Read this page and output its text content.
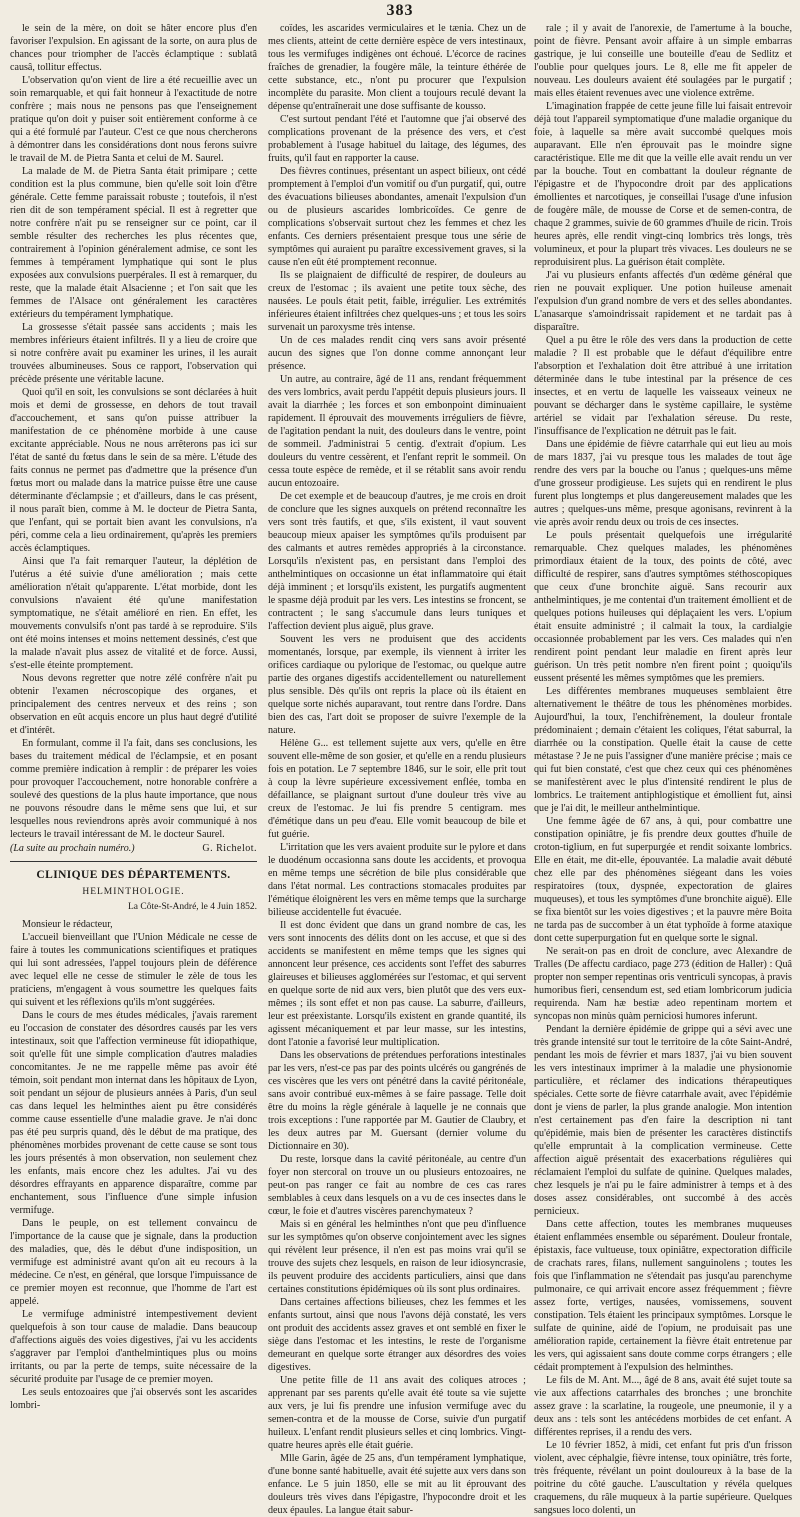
383

le sein de la mère, on doit se hâter encore plus d'en favoriser l'expulsion. En agissant de la sorte, on aura plus de chances pour triompher de l'accès éclamptique : sublatâ causâ, tollitur effectus.

L'observation qu'on vient de lire a été recueillie avec un soin remarquable, et qui fait honneur à l'exactitude de notre confrère ; mais nous ne pensons pas que l'enseignement pratique qu'on doit y puiser soit entièrement conforme à ce qui a été formulé par l'auteur. C'est ce que nous chercherons à démontrer dans les considérations dont nous ferons suivre le travail de M. de Pietra Santa et celui de M. Saurel.

La malade de M. de Pietra Santa était primipare ; cette condition est la plus commune, bien qu'elle soit loin d'être générale. Cette femme paraissait robuste ; toutefois, il n'est rien dit de son tempérament spécial. Il est à regretter que notre confrère n'ait pu se renseigner sur ce point, car il semble résulter des recherches les plus récentes que, contrairement à l'opinion généralement admise, ce sont les femmes à tempérament lymphatique qui sont le plus exposées aux convulsions puerpérales. Il est à remarquer, du reste, que la malade était Alsacienne ; et l'on sait que les femmes de l'Alsace ont généralement les caractères extérieurs du tempérament lymphatique.

La grossesse s'était passée sans accidents ; mais les membres inférieurs étaient infiltrés. Il y a lieu de croire que si notre confrère avait pu examiner les urines, il les aurait trouvées albumineuses. Sous ce rapport, l'observation qui précède présente une véritable lacune.

Quoi qu'il en soit, les convulsions se sont déclarées à huit mois et demi de grossesse, en dehors de tout travail d'accouchement, et sans qu'on puisse attribuer la manifestation de ce phénomène morbide à une cause excitante appréciable. Nous ne nous arrêterons pas ici sur l'état de santé du fœtus dans le sein de sa mère. L'étude des faits connus ne permet pas d'admettre que la présence d'un fœtus mort ou malade dans la matrice puisse être une cause déterminante d'éclampsie ; et d'ailleurs, dans le cas présent, il nous paraît bien, comme à M. le docteur de Pietra Santa, que l'enfant, qui se portait bien avant les convulsions, n'a péri, comme cela a lieu ordinairement, qu'après les premiers accès éclamptiques.

Ainsi que l'a fait remarquer l'auteur, la déplétion de l'utérus a été suivie d'une amélioration ; mais cette amélioration n'était qu'apparente. L'état morbide, dont les convulsions n'avaient été qu'une manifestation symptomatique, ne s'était amélioré en rien. En effet, les mouvements convulsifs n'ont pas tardé à se reproduire. S'ils ont été moins intenses et moins nettement dessinés, c'est que la malade n'avait plus assez de vitalité et de force. Aussi, s'est-elle éteinte promptement.

Nous devons regretter que notre zélé confrère n'ait pu obtenir l'examen nécroscopique des organes, et principalement des centres nerveux et des reins ; son observation en eût acquis encore un plus haut degré d'utilité et d'intérêt.

En formulant, comme il l'a fait, dans ses conclusions, les bases du traitement médical de l'éclampsie, et en posant comme première indication à remplir : de préparer les voies pour provoquer l'accouchement, notre honorable confrère a soulevé des questions de la plus haute importance, que nous ne pouvons résoudre dans le même sens que lui, et sur lesquelles nous reviendrons après avoir communiqué à nos lecteurs le travail intéressant de M. le docteur Saurel.

(La suite au prochain numéro.)	G. Richelot.
CLINIQUE DES DÉPARTEMENTS.
HELMINTHOLOGIE.
La Côte-St-André, le 4 Juin 1852.

Monsieur le rédacteur,

L'accueil bienveillant que l'Union Médicale ne cesse de faire à toutes les communications scientifiques et pratiques qui lui sont adressées, l'appel toujours plein de déférence avec lequel elle ne cesse de stimuler le zèle de tous les praticiens, m'engagent à vous soumettre les quelques faits qui suivent et les réflexions qu'ils m'ont suggérées.

Dans le cours de mes études médicales, j'avais rarement eu l'occasion de constater des désordres causés par les vers intestinaux, soit que l'affection vermineuse fût idiopathique, soit qu'elle fût une simple complication d'autres maladies concomitantes. Je ne me rappelle même pas avoir été témoin, soit pendant mon internat dans les hôpitaux de Lyon, soit pendant un séjour de plusieurs années à Paris, d'un seul cas dans lequel les helminthes aient pu être considérés comme cause essentielle d'une maladie grave. Je n'ai donc pas été peu surpris quand, dès le début de ma pratique, des phénomènes morbides provenant de cette cause se sont tous les jours présentés à mon observation, non seulement chez les enfants, mais encore chez les adultes. J'ai vu des désordres effrayants en apparence disparaître, comme par enchantement, sous l'influence d'une simple infusion vermifuge.

Dans le peuple, on est tellement convaincu de l'importance de la cause que je signale, dans la production des maladies, que, dès le début d'une indisposition, un vermifuge est administré avant qu'on ait eu recours à la médecine. Ce n'est, en général, que lorsque l'impuissance de ce premier moyen est reconnue, que l'homme de l'art est appelé.

Le vermifuge administré intempestivement devient quelquefois à son tour cause de maladie. Dans beaucoup d'affections aiguës des voies digestives, j'ai vu les accidents s'aggraver par l'emploi d'anthelmintiques plus ou moins irritants, ou par la perte de temps, suite nécessaire de la sécurité produite par l'usage de ce premier moyen.

Les seuls entozoaires que j'ai observés sont les ascarides lombri-

coïdes, les ascarides vermiculaires et le tænia. Chez un de mes clients, atteint de cette dernière espèce de vers intestinaux, tous les vermifuges indigènes ont échoué. L'écorce de racines fraîches de grenadier, la fougère mâle, la teinture éthérée de cette substance, etc., n'ont pu procurer que l'expulsion incomplète du parasite. Mon client a toujours reculé devant la dépense qu'entraînerait une dose suffisante de kousso.

C'est surtout pendant l'été et l'automne que j'ai observé des complications provenant de la présence des vers, et c'est probablement à l'usage habituel du laitage, des légumes, des fruits, qu'il faut en rapporter la cause.

Des fièvres continues, présentant un aspect bilieux, ont cédé promptement à l'emploi d'un vomitif ou d'un purgatif, qui, outre des évacuations bilieuses abondantes, amenait l'expulsion d'un ou de plusieurs ascarides lombricoïdes. Ce genre de complications s'observait surtout chez les femmes et chez les enfants. Ces derniers présentaient presque tous une série de symptômes qui auraient pu paraître excessivement graves, si la cause n'en eût été promptement reconnue.

Ils se plaignaient de difficulté de respirer, de douleurs au creux de l'estomac ; ils avaient une petite toux sèche, des nausées. Le pouls était petit, faible, irrégulier. Les extrémités inférieures étaient infiltrées chez quelques-uns ; et tous les soirs survenait un paroxysme très intense.

Un de ces malades rendit cinq vers sans avoir présenté aucun des signes que l'on donne comme annonçant leur présence.

Un autre, au contraire, âgé de 11 ans, rendant fréquemment des vers lombrics, avait perdu l'appétit depuis plusieurs jours. Il avait la diarrhée ; les forces et son embonpoint diminuaient rapidement. Il éprouvait des mouvements irréguliers de fièvre, de l'agitation pendant la nuit, des douleurs dans le ventre, point de sommeil. J'administrai 5 centig. d'extrait d'opium. Les douleurs du ventre cessèrent, et l'enfant reprit le sommeil. On cessa toute espèce de remède, et il se rétablit sans avoir rendu aucun entozoaire.

De cet exemple et de beaucoup d'autres, je me crois en droit de conclure que les signes auxquels on prétend reconnaître les vers sont très fautifs, et que, s'ils existent, il vaut souvent beaucoup mieux apaiser les symptômes qu'ils produisent par des calmants et autres remèdes appropriés à la circonstance. Lorsqu'ils n'existent pas, en persistant dans l'emploi des anthelmintiques on occasionne un état inflammatoire qui était déjà imminent ; et lorsqu'ils existent, les purgatifs augmentent le spasme déjà produit par les vers. Les intestins se froncent, se contractent ; le sang s'accumule dans leurs tuniques et l'affection devient plus aiguë, plus grave.

Souvent les vers ne produisent que des accidents momentanés, lorsque, par exemple, ils viennent à irriter les orifices cardiaque ou pylorique de l'estomac, ou quelque autre partie des organes digestifs accidentellement ou naturellement plus sensible. Dès qu'ils ont repris la place où ils étaient en quelque sorte nichés auparavant, tout rentre dans l'ordre. Dans bien des cas, l'art doit se proposer de suivre l'exemple de la nature.

Hélène G... est tellement sujette aux vers, qu'elle en être souvent elle-même de son gosier, et qu'elle en a rendu plusieurs fois en potation. Le 7 septembre 1846, sur le soir, elle prit tout à coup la lèvre supérieure excessivement enflée, tomba en défaillance, se plaignant surtout d'une douleur très vive au creux de l'estomac. Je lui fis prendre 5 centigram. mes d'émétique dans un peu d'eau. Elle vomit beaucoup de bile et fut guérie.

L'irritation que les vers avaient produite sur le pylore et dans le duodénum occasionna sans doute les accidents, et provoqua en même temps une sécrétion de bile plus considérable que dans l'état normal. Les contractions stomacales produites par l'émétique éloignèrent les vers en même temps que la surcharge bilieuse accidentelle fut évacuée.

Il est donc évident que dans un grand nombre de cas, les vers sont innocents des délits dont on les accuse, et que si des accidents se manifestent en même temps que les signes qui annoncent leur présence, ces accidents sont l'effet des saburres glaireuses et bilieuses agglomérées sur l'estomac, et qui servent en quelque sorte de nid aux vers, bien plutôt que des vers eux-mêmes ; ils sont effet et non pas cause. La saburre, d'ailleurs, leur est préexistante. Lorsqu'ils existent en grande quantité, ils agissent mécaniquement et par leur masse, sur les intestins, dont l'atonie a favorisé leur multiplication.

Dans les observations de prétendues perforations intestinales par les vers, n'est-ce pas par des points ulcérés ou gangrénés de ces viscères que les vers ont pénétré dans la cavité péritonéale, sans avoir contribué eux-mêmes à se faire passage. Telle doit être du moins la règle générale à laquelle je ne connais que trois exceptions : l'une rapportée par M. Gautier de Claubry, et les deux autres par M. Guersant (dernier volume du Dictionnaire en 30).

Du reste, lorsque dans la cavité péritonéale, au centre d'un foyer non stercoral on trouve un ou plusieurs entozoaires, ne peut-on pas ranger ce fait au nombre de ces cas rares semblables à ceux dans lesquels on a vu de ces insectes dans le cœur, le foie et d'autres viscères parenchymateux ?

Mais si en général les helminthes n'ont que peu d'influence sur les symptômes qu'on observe conjointement avec les signes qui révèlent leur présence, il n'en est pas moins vrai qu'il se trouve des sujets chez lesquels, en raison de leur idiosyncrasie, ils peuvent produire des accidents particuliers, ainsi que dans certaines constitutions épidémiques où ils sont plus ordinaires.

Dans certaines affections bilieuses, chez les femmes et les enfants surtout, ainsi que nous l'avons déjà constaté, les vers ont produit des accidents assez graves et ont semblé en fixer le siège dans l'estomac et les intestins, le reste de l'organisme demeurant en quelque sorte étranger aux désordres des voies digestives.

Une petite fille de 11 ans avait des coliques atroces ; apprenant par ses parents qu'elle avait été toute sa vie sujette aux vers, je lui fis prendre une infusion vermifuge avec du semen-contra et de la mousse de Corse, suivie d'un purgatif huileux. L'enfant rendit plusieurs selles et cinq lombrics. Vingt-quatre heures après elle était guérie.

Mlle Garin, âgée de 25 ans, d'un tempérament lymphatique, d'une bonne santé habituelle, avait été sujette aux vers dans son enfance. Le 5 juin 1850, elle se mit au lit éprouvant des douleurs très vives dans l'épigastre, l'hypocondre droit et les deux épaules. La langue était sabur-

rale ; il y avait de l'anorexie, de l'amertume à la bouche, point de fièvre. Pensant avoir affaire à un simple embarras gastrique, je lui conseille une bouteille d'eau de Sedlitz et l'oublie pour quelques jours. Le 8, elle me fit appeler de nouveau. Les douleurs avaient été soulagées par le purgatif ; mais elles étaient revenues avec une violence extrême.

L'imagination frappée de cette jeune fille lui faisait entrevoir déjà tout l'appareil symptomatique d'une maladie organique du foie, à laquelle sa mère avait succombé quelques mois auparavant. Elle n'en éprouvait pas le moindre signe caractéristique. Elle me dit que la veille elle avait rendu un ver par la bouche. Tout en combattant la douleur régnante de l'épigastre et de l'hypocondre droit par des applications émollientes et narcotiques, je conseillai l'usage d'une infusion de fougère mâle, de mousse de Corse et de semen-contra, de chaque 2 grammes, suivie de 60 grammes d'huile de ricin. Trois heures après, elle rendit vingt-cinq lombrics très longs, très volumineux, et pour la plupart très vivaces. Les douleurs ne se reproduisirent plus. La guérison était complète.

J'ai vu plusieurs enfants affectés d'un œdème général que rien ne pouvait expliquer. Une potion huileuse amenait l'expulsion d'un grand nombre de vers et des selles abondantes. L'anasarque s'amoindrissait rapidement et ne tardait pas à disparaître.

Quel a pu être le rôle des vers dans la production de cette maladie ? Il est probable que le défaut d'équilibre entre l'absorption et l'exhalation doit être attribué à une irritation déterminée dans le tube intestinal par la présence de ces insectes, et en vertu de laquelle les vaisseaux veineux ne pouvant se décharger dans le système capillaire, le système artériel se vidait par l'exhalation séreuse. Du reste, l'insuffisance de l'explication ne détruit pas le fait.

Dans une épidémie de fièvre catarrhale qui eut lieu au mois de mars 1837, j'ai vu presque tous les malades de tout âge rendre des vers par la bouche ou l'anus ; quelques-uns même d'une grosseur prodigieuse. Les sujets qui en rendirent le plus furent plus longtemps et plus dangereusement malades que les autres ; quelques-uns même, presque agonisans, revinrent à la vie après avoir rendu deux ou trois de ces insectes.

Le pouls présentait quelquefois une irrégularité remarquable. Chez quelques malades, les phénomènes primordiaux étaient de la toux, des points de côté, avec difficulté de respirer, sans d'autres symptômes stéthoscopiques que ceux d'une bronchite aiguë. Sans recourir aux anthelmintiques, je me contentai d'un traitement émollient et de quelques potions huileuses qui déplaçaient les vers. L'opium était ensuite administré ; il calmait la toux, la cardialgie occasionnée probablement par les vers. Ces malades qui n'en rendirent point pendant leur maladie en firent après leur guérison. Un très petit nombre n'en firent point ; quoiqu'ils eussent présenté les mêmes symptômes que les premiers.

Les différentes membranes muqueuses semblaient être alternativement le théâtre de tous les phénomènes morbides. Aujourd'hui, la toux, l'enchifrènement, la douleur frontale prédominaient ; demain c'étaient les coliques, l'état saburral, la diarrhée ou la constipation. Quelle était la cause de cette métastase ? Je ne puis l'assigner d'une manière précise ; mais ce qui fut bien constaté, c'est que chez ceux qui ces phénomènes se manifestèrent avec le plus d'intensité rendirent le plus de lombrics. Le traitement antiphlogistique et émollient fut, ainsi que je l'ai dit, le meilleur anthelmintique.

Une femme âgée de 67 ans, à qui, pour combattre une constipation opiniâtre, je fis prendre deux gouttes d'huile de croton-tiglium, en fut superpurgée et rendit soixante lombrics. Elle en était, me dit-elle, épouvantée. La maladie avait débuté chez elle par des phénomènes siégeant dans les voies respiratoires (toux, dyspnée, expectoration de glaires muqueuses), et tous les symptômes d'une bronchite aiguë). Elle se fixa bientôt sur les voies digestives ; et la pauvre mère Boita ne tarda pas de succomber à un état typhoïde à forme ataxique dont cette superpurgation fut en quelque sorte le signal.

Ne serait-on pas en droit de conclure, avec Alexandre de Tralles (De affectu cardiaco, page 273 (édition de Haller) : Quâ propter non semper repentinas oris ventriculi syncopas, à pravis humoribus fieri, censendum est, sed etiam lombricorum judicia requirenda. Nam hæ bestiæ adeo repentinam mortem et syncopas non minùs quàm perniciosi humores inferunt.

Pendant la dernière épidémie de grippe qui a sévi avec une très grande intensité sur tout le territoire de la côte Saint-André, pendant les mois de février et mars 1837, j'ai vu bien souvent les vers intestinaux imprimer à la maladie une physionomie particulière, et réclamer des indications thérapeutiques spéciales. Cette sorte de fièvre catarrhale avait, avec l'épidémie dont je viens de parler, la plus grande analogie. Mon intention n'est certainement pas d'en faire la description ni tant qu'épidémie, mais bien de présenter les caractères distinctifs qu'elle empruntait à la complication vermineuse. Cette affection aiguë présentait des exacerbations régulières qui réclamaient l'emploi du sulfate de quinine. Quelques malades, chez lesquels je n'ai pu le faire administrer à temps et à des doses assez considérables, ont succombé à des accès pernicieux.

Dans cette affection, toutes les membranes muqueuses étaient enflammées ensemble ou séparément. Douleur frontale, épistaxis, face vultueuse, toux opiniâtre, expectoration difficile de crachats rares, filans, nullement sanguinolens ; toutes les fois que l'inflammation ne s'étendait pas jusqu'au parenchyme pulmonaire, ce qui arrivait encore assez fréquemment ; fièvre assez forte, vertiges, nausées, vomissemens, souvent constipation. Tels étaient les principaux symptômes. Lorsque le sulfate de quinine, aidé de l'opium, ne produisait pas une amélioration rapide, certainement la fièvre était entretenue par les vers, qui agissaient sans doute comme corps étrangers ; elle cédait promptement à l'expulsion des helminthes.

Le fils de M. Ant. M..., âgé de 8 ans, avait été sujet toute sa vie aux affections catarrhales des bronches ; une bronchite assez grave : la scarlatine, la rougeole, une pneumonie, il y a deux ans : tels sont les antécédens morbides de cet enfant. A différentes reprises, il a rendu des vers.

Le 10 février 1852, à midi, cet enfant fut pris d'un frisson violent, avec céphalgie, fièvre intense, toux opiniâtre, très forte, très fréquente, révélant un point douloureux à la base de la poitrine du côté gauche. L'auscultation y révéla quelques craquemens, du râle muqueux à la partie supérieure. Quelques sangsues loco dolenti, un
